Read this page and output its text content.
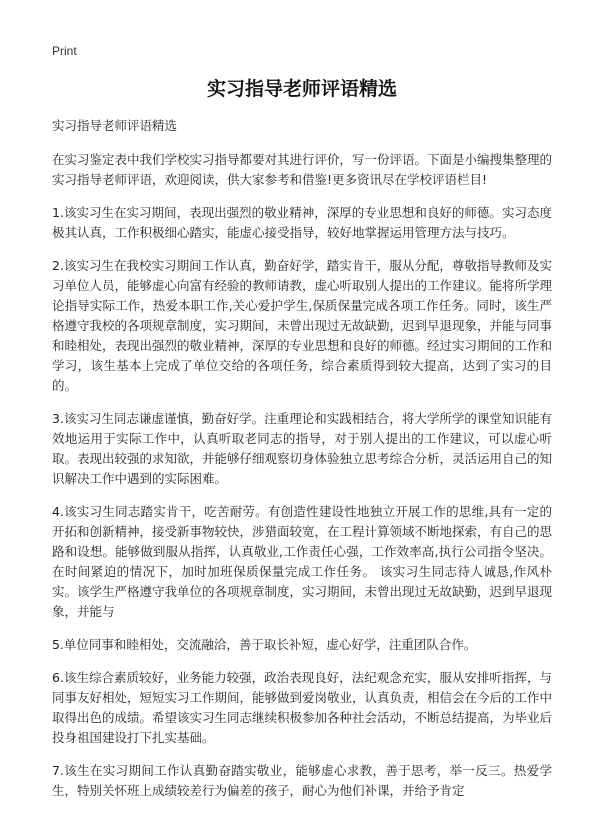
Print
实习指导老师评语精选
实习指导老师评语精选

在实习鉴定表中我们学校实习指导都要对其进行评价，写一份评语。下面是小编搜集整理的实习指导老师评语，欢迎阅读，供大家参考和借鉴!更多资讯尽在学校评语栏目!

1.该实习生在实习期间，表现出强烈的敬业精神，深厚的专业思想和良好的师德。实习态度极其认真，工作积极细心踏实，能虚心接受指导，较好地掌握运用管理方法与技巧。

2.该实习生在我校实习期间工作认真，勤奋好学，踏实肯干，服从分配，尊敬指导教师及实习单位人员，能够虚心向富有经验的教师请教，虚心听取别人提出的工作建议。能将所学理论指导实际工作，热爱本职工作,关心爱护学生,保质保量完成各项工作任务。同时，该生严格遵守我校的各项规章制度，实习期间，未曾出现过无故缺勤，迟到早退现象，并能与同事和睦相处，表现出强烈的敬业精神，深厚的专业思想和良好的师德。经过实习期间的工作和学习，该生基本上完成了单位交给的各项任务，综合素质得到较大提高，达到了实习的目的。

3.该实习生同志谦虚谨慎，勤奋好学。注重理论和实践相结合，将大学所学的课堂知识能有效地运用于实际工作中，认真听取老同志的指导，对于别人提出的工作建议，可以虚心听取。表现出较强的求知欲，并能够仔细观察切身体验独立思考综合分析，灵活运用自己的知识解决工作中遇到的实际困难。

4.该实习生同志踏实肯干，吃苦耐劳。有创造性建设性地独立开展工作的思维,具有一定的开拓和创新精神，接受新事物较快，涉猎面较宽，在工程计算领域不断地探索，有自己的思路和设想。能够做到服从指挥，认真敬业,工作责任心强，工作效率高,执行公司指令坚决。在时间紧迫的情况下，加时加班保质保量完成工作任务。 该实习生同志待人诚恳,作风朴实。该学生严格遵守我单位的各项规章制度，实习期间，未曾出现过无故缺勤，迟到早退现象，并能与

5.单位同事和睦相处，交流融洽，善于取长补短，虚心好学，注重团队合作。

6.该生综合素质较好，业务能力较强，政治表现良好，法纪观念充实，服从安排听指挥，与同事友好相处，短短实习工作期间，能够做到爱岗敬业，认真负责，相信会在今后的工作中取得出色的成绩。希望该实习生同志继续积极参加各种社会活动，不断总结提高，为毕业后投身祖国建设打下扎实基础。

7.该生在实习期间工作认真勤奋踏实敬业，能够虚心求教，善于思考，举一反三。热爱学生，特别关怀班上成绩较差行为偏差的孩子，耐心为他们补课，并给予肯定
